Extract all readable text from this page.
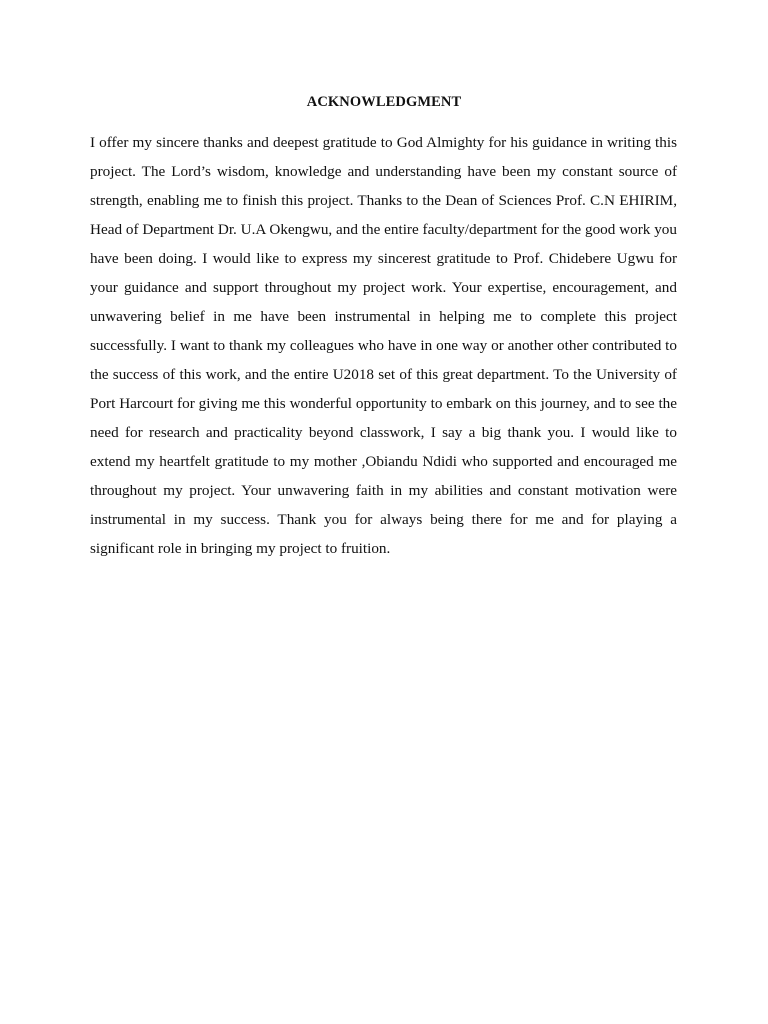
ACKNOWLEDGMENT

I offer my sincere thanks and deepest gratitude to God Almighty for his guidance in writing this project. The Lord’s wisdom, knowledge and understanding have been my constant source of strength, enabling me to finish this project. Thanks to the Dean of Sciences Prof. C.N EHIRIM, Head of Department Dr. U.A Okengwu, and the entire faculty/department for the good work you have been doing. I would like to express my sincerest gratitude to Prof. Chidebere Ugwu for your guidance and support throughout my project work. Your expertise, encouragement, and unwavering belief in me have been instrumental in helping me to complete this project successfully. I want to thank my colleagues who have in one way or another other contributed to the success of this work, and the entire U2018 set of this great department. To the University of Port Harcourt for giving me this wonderful opportunity to embark on this journey, and to see the need for research and practicality beyond classwork, I say a big thank you. I would like to extend my heartfelt gratitude to my mother ,Obiandu Ndidi who supported and encouraged me throughout my project. Your unwavering faith in my abilities and constant motivation were instrumental in my success. Thank you for always being there for me and for playing a significant role in bringing my project to fruition.
